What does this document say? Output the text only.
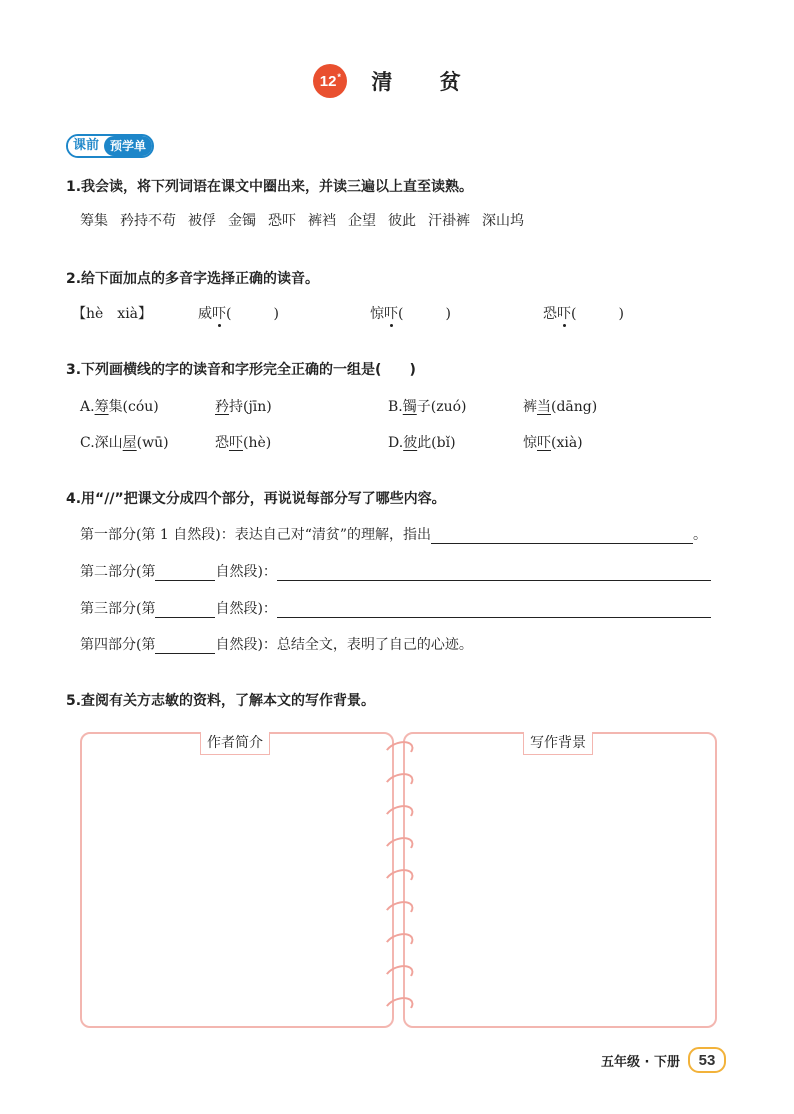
12* 清 贫
课前 预学单
1.我会读，将下列词语在课文中圈出来，并读三遍以上直至读熟。
筹集 矜持不苟 被俘 金镯 恐吓 裤裆 企望 彼此 汗褂裤 深山坞
2.给下面加点的多音字选择正确的读音。
【hè　xià】	威吓(　　　)	惊吓(　　　)	恐吓(　　　)
3.下列画横线的字的读音和字形完全正确的一组是(　　)
A.筹集(cóu)	矜持(jīn)	B.镯子(zuó)	裤当(dāng)
C.深山屋(wū)	恐吓(hè)	D.彼此(bǐ)	惊吓(xià)
4.用“//”把课文分成四个部分，再说说每部分写了哪些内容。
第一部分(第 1 自然段)：表达自己对“清贫”的理解，指出	。
第二部分(第	自然段)：
第三部分(第	自然段)：
第四部分(第	自然段)：总结全文，表明了自己的心迹。
5.查阅有关方志敏的资料，了解本文的写作背景。
作者简介	写作背景
五年级 · 下册	53
